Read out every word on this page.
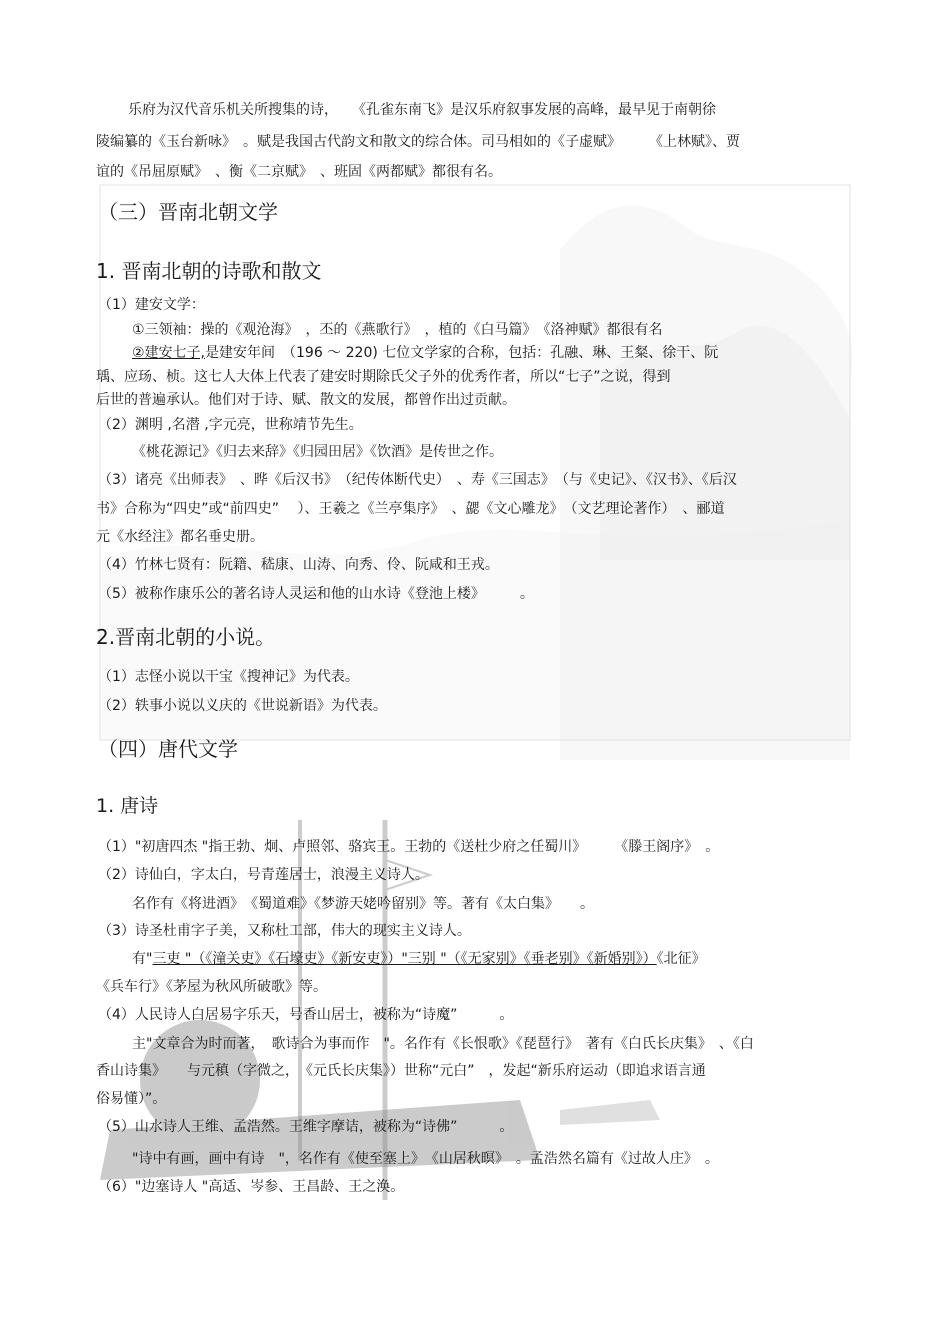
乐府为汉代音乐机关所搜集的诗，　　《孔雀东南飞》是汉乐府叙事发展的高峰，最早见于南朝徐
陵编纂的《玉台新咏》　。赋是我国古代韵文和散文的综合体。司马相如的《子虚赋》　　　《上林赋》、贾
谊的《吊屈原赋》　、衡《二京赋》　、班固《两都赋》都很有名。
（三）晋南北朝文学
1. 晋南北朝的诗歌和散文
（1）建安文学：
①三领袖：操的《观沧海》　，丕的《燕歌行》　，植的《白马篇》　《洛神赋》都很有名
②建安七子,是建安年间　（196 ～ 220) 七位文学家的合称，包括：孔融、琳、王粲、徐干、阮
瑀、应玚、桢。这七人大体上代表了建安时期除氏父子外的优秀作者，所以“七子”之说，得到
后世的普遍承认。他们对于诗、赋、散文的发展，都曾作出过贡献。
（2）渊明 ,名潜 ,字元亮，世称靖节先生。
《桃花源记》《归去来辞》《归园田居》《饮酒》是传世之作。
（3）诸亮《出师表》　、晔《后汉书》　（纪传体断代史）　、寿《三国志》　（与《史记》、《汉书》、《后汉
书》合称为“四史”或“前四史”　 ）、王羲之《兰亭集序》　、勰《文心雕龙》　（文艺理论著作）　、郦道
元《水经注》都名垂史册。
（4）竹林七贤有：阮籍、嵇康、山涛、向秀、伶、阮咸和王戎。
（5）被称作康乐公的著名诗人灵运和他的山水诗《登池上楼》　　　。
2.晋南北朝的小说。
（1）志怪小说以干宝《搜神记》为代表。
（2）轶事小说以义庆的《世说新语》为代表。
（四）唐代文学
1. 唐诗
（1）"初唐四杰 "指王勃、炯、卢照邻、骆宾王。王勃的《送杜少府之任蜀川》　　　《滕王阁序》　。
（2）诗仙白，字太白，号青莲居士，浪漫主义诗人。
名作有《将进酒》　《蜀道难》《梦游天姥吟留别》等。著有《太白集》　　。
（3）诗圣杜甫字子美，又称杜工部，伟大的现实主义诗人。
有"三吏 "（《潼关吏》《石壕吏》《新安吏》）"三别 "（《无家别》《垂老别》《新婚别》）《北征》
《兵车行》《茅屋为秋风所破歌》等。
（4）人民诗人白居易字乐天，号香山居士，被称为“诗魔”　　　。
主"文章合为时而著，　歌诗合为事而作　"。名作有《长恨歌》《琵琶行》　著有《白氏长庆集》　、《白
香山诗集》　　与元稹（字微之，　《元氏长庆集》）世称“元白”　，发起“新乐府运动（即追求语言通
俗易懂）”。
（5）山水诗人王维、孟浩然。王维字摩诘，被称为“诗佛”　　　。
"诗中有画，画中有诗　"，名作有《使至塞上》　《山居秋暝》　。孟浩然名篇有《过故人庄》　。
（6）"边塞诗人 "高适、岑参、王昌龄、王之涣。
